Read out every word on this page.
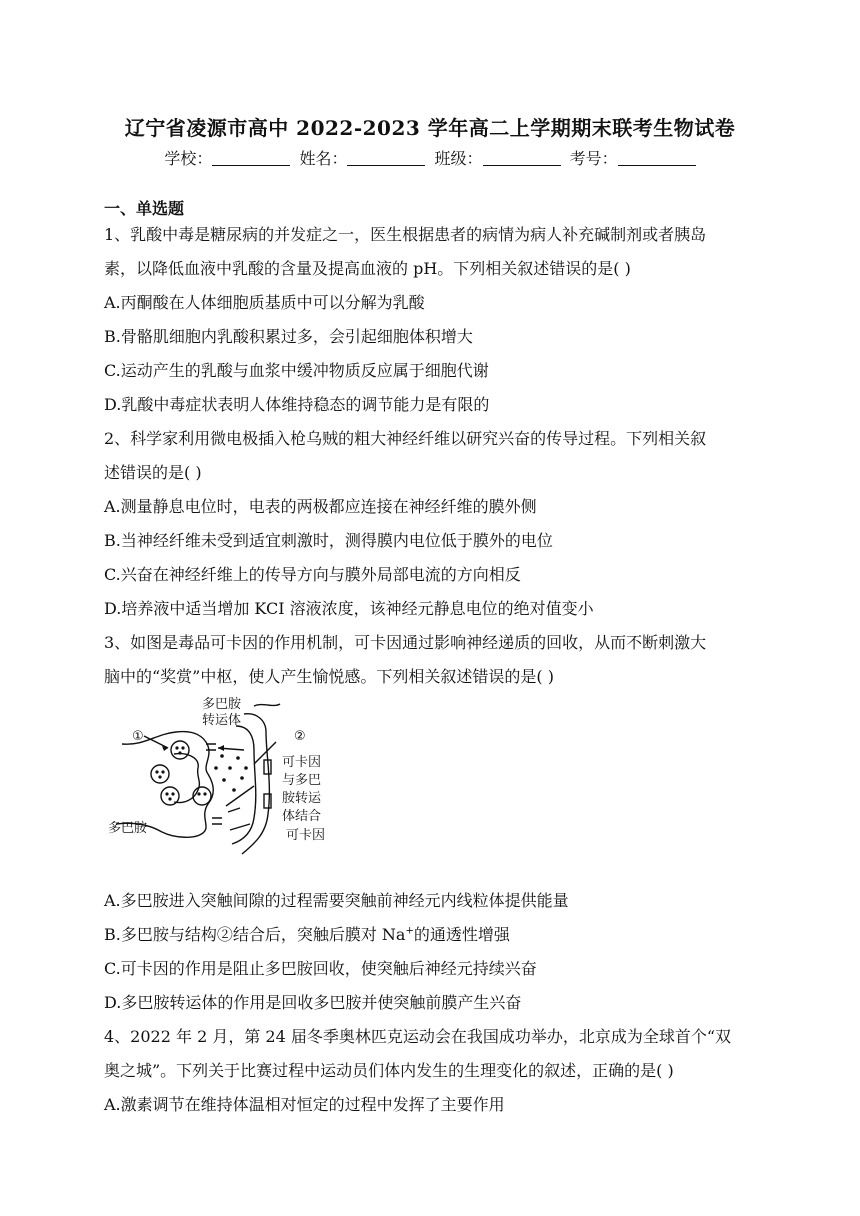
辽宁省凌源市高中 2022-2023 学年高二上学期期末联考生物试卷
学校：	姓名：	班级：	考号：
一、单选题
1、乳酸中毒是糖尿病的并发症之一，医生根据患者的病情为病人补充碱制剂或者胰岛
素，以降低血液中乳酸的含量及提高血液的 pH。下列相关叙述错误的是( )
A.丙酮酸在人体细胞质基质中可以分解为乳酸
B.骨骼肌细胞内乳酸积累过多，会引起细胞体积增大
C.运动产生的乳酸与血浆中缓冲物质反应属于细胞代谢
D.乳酸中毒症状表明人体维持稳态的调节能力是有限的
2、科学家利用微电极插入枪乌贼的粗大神经纤维以研究兴奋的传导过程。下列相关叙
述错误的是( )
A.测量静息电位时，电表的两极都应连接在神经纤维的膜外侧
B.当神经纤维未受到适宜刺激时，测得膜内电位低于膜外的电位
C.兴奋在神经纤维上的传导方向与膜外局部电流的方向相反
D.培养液中适当增加 KCI 溶液浓度，该神经元静息电位的绝对值变小
3、如图是毒品可卡因的作用机制，可卡因通过影响神经递质的回收，从而不断刺激大
脑中的“奖赏”中枢，使人产生愉悦感。下列相关叙述错误的是( )
多巴胺
转运体
①	②
可卡因
与多巴
胺转运
体结合
多巴胺	可卡因
A.多巴胺进入突触间隙的过程需要突触前神经元内线粒体提供能量
B.多巴胺与结构②结合后，突触后膜对 Na+的通透性增强
C.可卡因的作用是阻止多巴胺回收，使突触后神经元持续兴奋
D.多巴胺转运体的作用是回收多巴胺并使突触前膜产生兴奋
4、2022 年 2 月，第 24 届冬季奥林匹克运动会在我国成功举办，北京成为全球首个“双
奥之城”。下列关于比赛过程中运动员们体内发生的生理变化的叙述，正确的是( )
A.激素调节在维持体温相对恒定的过程中发挥了主要作用
